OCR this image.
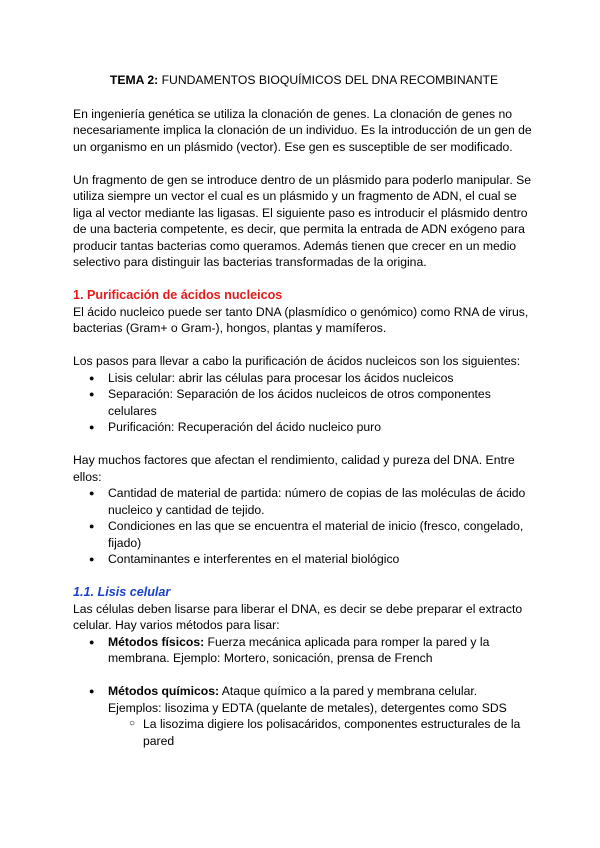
TEMA 2: FUNDAMENTOS BIOQUÍMICOS DEL DNA RECOMBINANTE

En ingeniería genética se utiliza la clonación de genes. La clonación de genes no necesariamente implica la clonación de un individuo. Es la introducción de un gen de un organismo en un plásmido (vector). Ese gen es susceptible de ser modificado.

Un fragmento de gen se introduce dentro de un plásmido para poderlo manipular. Se utiliza siempre un vector el cual es un plásmido y un fragmento de ADN, el cual se liga al vector mediante las ligasas. El siguiente paso es introducir el plásmido dentro de una bacteria competente, es decir, que permita la entrada de ADN exógeno para producir tantas bacterias como queramos. Además tienen que crecer en un medio selectivo para distinguir las bacterias transformadas de la origina.

1. Purificación de ácidos nucleicos

El ácido nucleico puede ser tanto DNA (plasmídico o genómico) como RNA de virus, bacterias (Gram+ o Gram-), hongos, plantas y mamíferos.

Los pasos para llevar a cabo la purificación de ácidos nucleicos son los siguientes:

● Lisis celular: abrir las células para procesar los ácidos nucleicos
● Separación: Separación de los ácidos nucleicos de otros componentes celulares
● Purificación: Recuperación del ácido nucleico puro

Hay muchos factores que afectan el rendimiento, calidad y pureza del DNA. Entre ellos:

● Cantidad de material de partida: número de copias de las moléculas de ácido nucleico y cantidad de tejido.
● Condiciones en las que se encuentra el material de inicio (fresco, congelado, fijado)
● Contaminantes e interferentes en el material biológico
1.1. Lisis celular

Las células deben lisarse para liberar el DNA, es decir se debe preparar el extracto celular. Hay varios métodos para lisar:

● Métodos físicos: Fuerza mecánica aplicada para romper la pared y la membrana. Ejemplo: Mortero, sonicación, prensa de French
● Métodos químicos: Ataque químico a la pared y membrana celular.
Ejemplos: lisozima y EDTA (quelante de metales), detergentes como SDS
○ La lisozima digiere los polisacáridos, componentes estructurales de la pared
